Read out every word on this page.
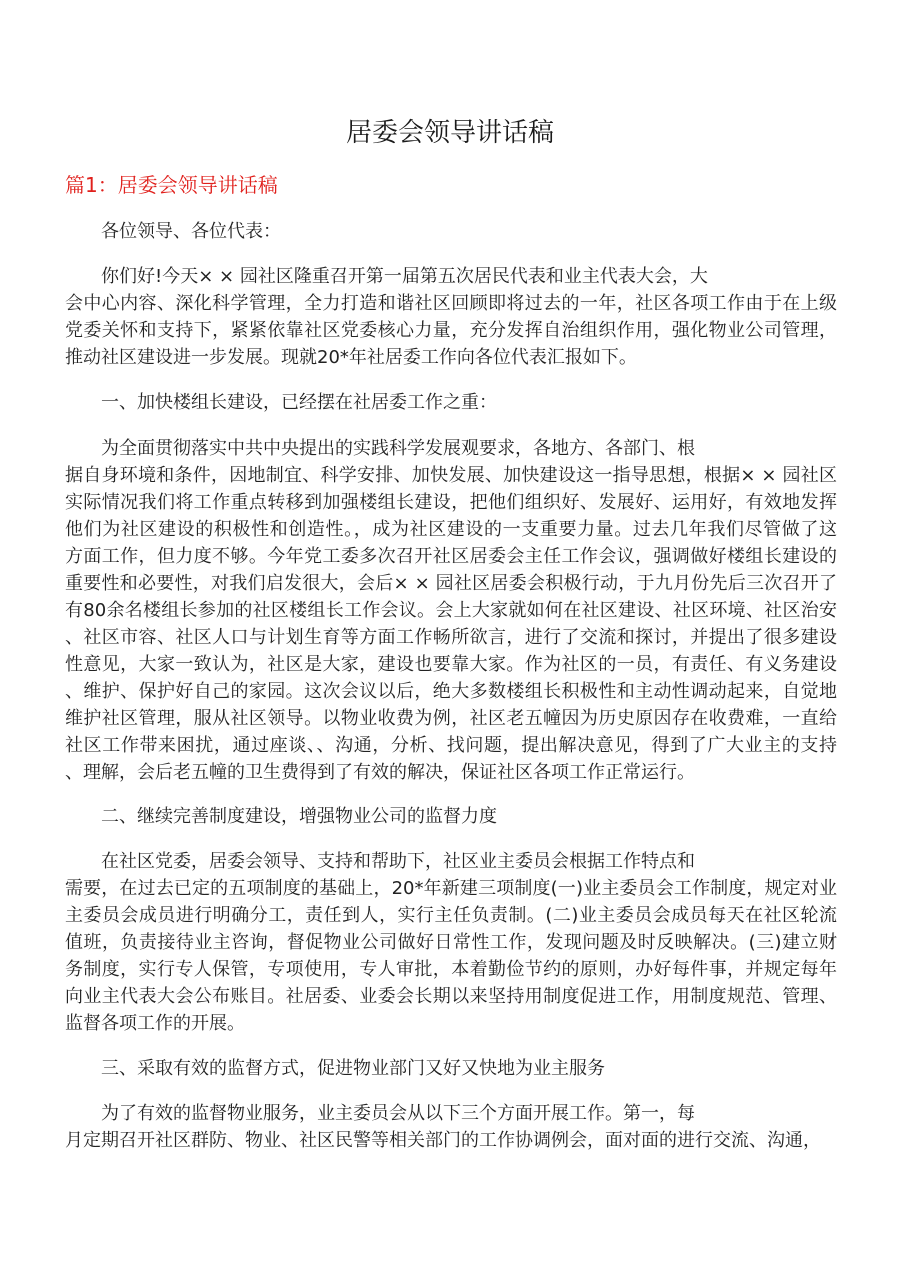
居委会领导讲话稿
篇1：居委会领导讲话稿
各位领导、各位代表：
你们好!今天× × 园社区隆重召开第一届第五次居民代表和业主代表大会，大
会中心内容、深化科学管理，全力打造和谐社区回顾即将过去的一年，社区各项工作由于在上级
党委关怀和支持下，紧紧依靠社区党委核心力量，充分发挥自治组织作用，强化物业公司管理，
推动社区建设进一步发展。现就20*年社居委工作向各位代表汇报如下。
一、加快楼组长建设，已经摆在社居委工作之重：
为全面贯彻落实中共中央提出的实践科学发展观要求，各地方、各部门、根
据自身环境和条件，因地制宜、科学安排、加快发展、加快建设这一指导思想，根据× × 园社区
实际情况我们将工作重点转移到加强楼组长建设，把他们组织好、发展好、运用好，有效地发挥
他们为社区建设的积极性和创造性。，成为社区建设的一支重要力量。过去几年我们尽管做了这
方面工作，但力度不够。今年党工委多次召开社区居委会主任工作会议，强调做好楼组长建设的
重要性和必要性，对我们启发很大，会后× × 园社区居委会积极行动，于九月份先后三次召开了
有80余名楼组长参加的社区楼组长工作会议。会上大家就如何在社区建设、社区环境、社区治安
、社区市容、社区人口与计划生育等方面工作畅所欲言，进行了交流和探讨，并提出了很多建设
性意见，大家一致认为，社区是大家，建设也要靠大家。作为社区的一员，有责任、有义务建设
、维护、保护好自己的家园。这次会议以后，绝大多数楼组长积极性和主动性调动起来，自觉地
维护社区管理，服从社区领导。以物业收费为例，社区老五幢因为历史原因存在收费难，一直给
社区工作带来困扰，通过座谈、、沟通，分析、找问题，提出解决意见，得到了广大业主的支持
、理解，会后老五幢的卫生费得到了有效的解决，保证社区各项工作正常运行。
二、继续完善制度建设，增强物业公司的监督力度
在社区党委，居委会领导、支持和帮助下，社区业主委员会根据工作特点和
需要，在过去已定的五项制度的基础上，20*年新建三项制度(一)业主委员会工作制度，规定对业
主委员会成员进行明确分工，责任到人，实行主任负责制。(二)业主委员会成员每天在社区轮流
值班，负责接待业主咨询，督促物业公司做好日常性工作，发现问题及时反映解决。(三)建立财
务制度，实行专人保管，专项使用，专人审批，本着勤俭节约的原则，办好每件事，并规定每年
向业主代表大会公布账目。社居委、业委会长期以来坚持用制度促进工作，用制度规范、管理、
监督各项工作的开展。
三、采取有效的监督方式，促进物业部门又好又快地为业主服务
为了有效的监督物业服务，业主委员会从以下三个方面开展工作。第一，每
月定期召开社区群防、物业、社区民警等相关部门的工作协调例会，面对面的进行交流、沟通，
